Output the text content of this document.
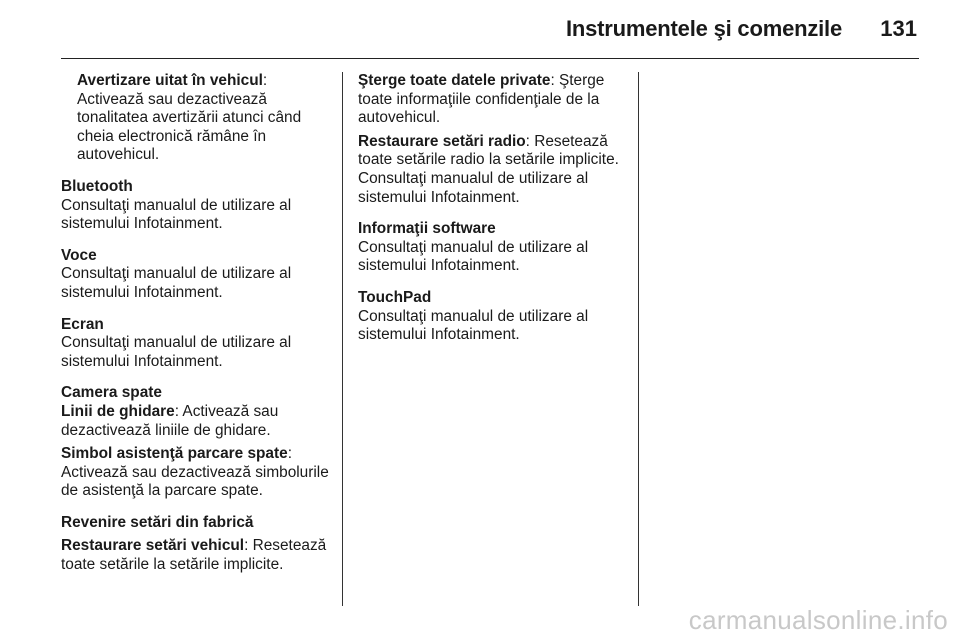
Instrumentele şi comenzile 131
Avertizare uitat în vehicul:
Activează sau dezactivează tonalitatea avertizării atunci când cheia electronică rămâne în autovehicul.
Bluetooth
Consultaţi manualul de utilizare al sistemului Infotainment.
Voce
Consultaţi manualul de utilizare al sistemului Infotainment.
Ecran
Consultaţi manualul de utilizare al sistemului Infotainment.
Camera spate
Linii de ghidare: Activează sau dezactivează liniile de ghidare.
Simbol asistenţă parcare spate:
Activează sau dezactivează simbolurile de asistenţă la parcare spate.
Revenire setări din fabrică
Restaurare setări vehicul: Resetează toate setările la setările implicite.
Şterge toate datele private: Şterge toate informaţiile confidenţiale de la autovehicul.
Restaurare setări radio: Resetează toate setările radio la setările implicite. Consultaţi manualul de utilizare al sistemului Infotainment.
Informaţii software
Consultaţi manualul de utilizare al sistemului Infotainment.
TouchPad
Consultaţi manualul de utilizare al sistemului Infotainment.
carmanualsonline.info
